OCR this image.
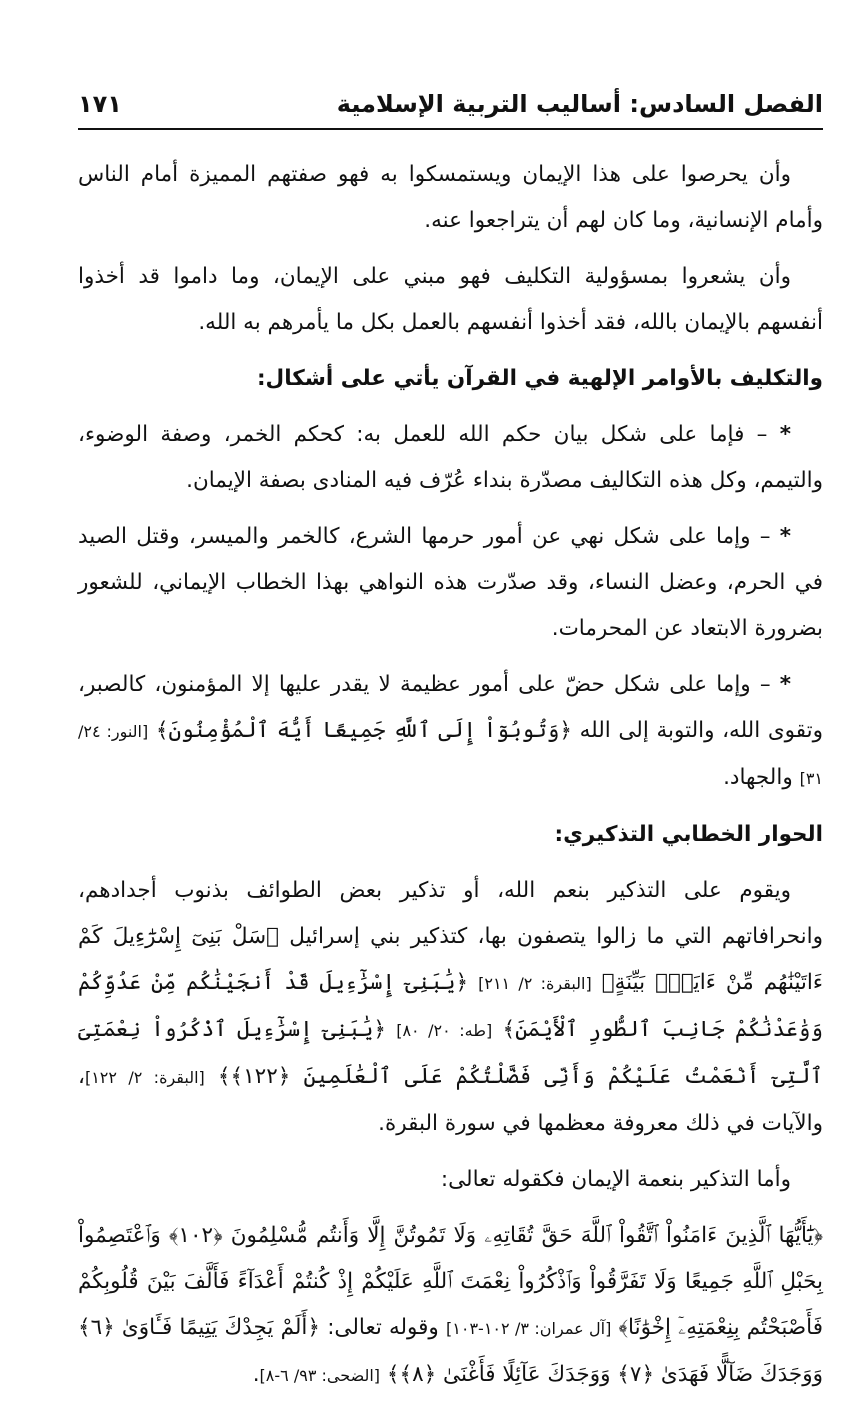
الفصل السادس: أساليب التربية الإسلامية
١٧١

وأن يحرصوا على هذا الإيمان ويستمسكوا به فهو صفتهم المميزة أمام الناس وأمام الإنسانية، وما كان لهم أن يتراجعوا عنه.

وأن يشعروا بمسؤولية التكليف فهو مبني على الإيمان، وما داموا قد أخذوا أنفسهم بالإيمان بالله، فقد أخذوا أنفسهم بالعمل بكل ما يأمرهم به الله.

والتكليف بالأوامر الإلهية في القرآن يأتي على أشكال:

* – فإما على شكل بيان حكم الله للعمل به: كحكم الخمر، وصفة الوضوء، والتيمم، وكل هذه التكاليف مصدّرة بنداء عُرّف فيه المنادى بصفة الإيمان.

* – وإما على شكل نهي عن أمور حرمها الشرع، كالخمر والميسر، وقتل الصيد في الحرم، وعضل النساء، وقد صدّرت هذه النواهي بهذا الخطاب الإيماني، للشعور بضرورة الابتعاد عن المحرمات.

* – وإما على شكل حضّ على أمور عظيمة لا يقدر عليها إلا المؤمنون، كالصبر، وتقوى الله، والتوبة إلى الله ﴿وَتُوبُوٓاْ إِلَى ٱللَّهِ جَمِيعًا أَيُّهَ ٱلْمُؤْمِنُونَ﴾ [النور: ٢٤/ ٣١] والجهاد.

الحوار الخطابي التذكيري:

ويقوم على التذكير بنعم الله، أو تذكير بعض الطوائف بذنوب أجدادهم، وانحرافاتهم التي ما زالوا يتصفون بها، كتذكير بني إسرائيل ﴿سَلْ بَنِىٓ إِسْرَٰٓءِيلَ كَمْ ءَاتَيْنَٰهُم مِّنْ ءَايَةٍۭ بَيِّنَةٍ﴾ [البقرة: ٢/ ٢١١] ﴿يَٰبَنِىٓ إِسْرَٰٓءِيلَ قَدْ أَنجَيْنَٰكُم مِّنْ عَدُوِّكُمْ وَوَٰعَدْنَٰكُمْ جَانِبَ ٱلطُّورِ ٱلْأَيْمَنَ﴾ [طه: ٢٠/ ٨٠] ﴿يَٰبَنِىٓ إِسْرَٰٓءِيلَ ٱذْكُرُواْ نِعْمَتِىَ ٱلَّتِىٓ أَنْعَمْتُ عَلَيْكُمْ وَأَنِّى فَضَّلْتُكُمْ عَلَى ٱلْعَٰلَمِينَ ﴿١٢٢﴾﴾ [البقرة: ٢/ ١٢٢]، والآيات في ذلك معروفة معظمها في سورة البقرة.

وأما التذكير بنعمة الإيمان فكقوله تعالى:

﴿يَٰٓأَيُّهَا ٱلَّذِينَ ءَامَنُواْ ٱتَّقُواْ ٱللَّهَ حَقَّ تُقَاتِهِۦ وَلَا تَمُوتُنَّ إِلَّا وَأَنتُم مُّسْلِمُونَ ﴿١٠٢﴾ وَٱعْتَصِمُواْ بِحَبْلِ ٱللَّهِ جَمِيعًا وَلَا تَفَرَّقُواْ وَٱذْكُرُواْ نِعْمَتَ ٱللَّهِ عَلَيْكُمْ إِذْ كُنتُمْ أَعْدَآءً فَأَلَّفَ بَيْنَ قُلُوبِكُمْ فَأَصْبَحْتُم بِنِعْمَتِهِۦٓ إِخْوَٰنًا﴾ [آل عمران: ٣/ ١٠٢-١٠٣] وقوله تعالى: ﴿أَلَمْ يَجِدْكَ يَتِيمًا فَـَٔاوَىٰ ﴿٦﴾ وَوَجَدَكَ ضَآلًّا فَهَدَىٰ ﴿٧﴾ وَوَجَدَكَ عَآئِلًا فَأَغْنَىٰ ﴿٨﴾﴾ [الضحى: ٩٣/ ٦-٨].
